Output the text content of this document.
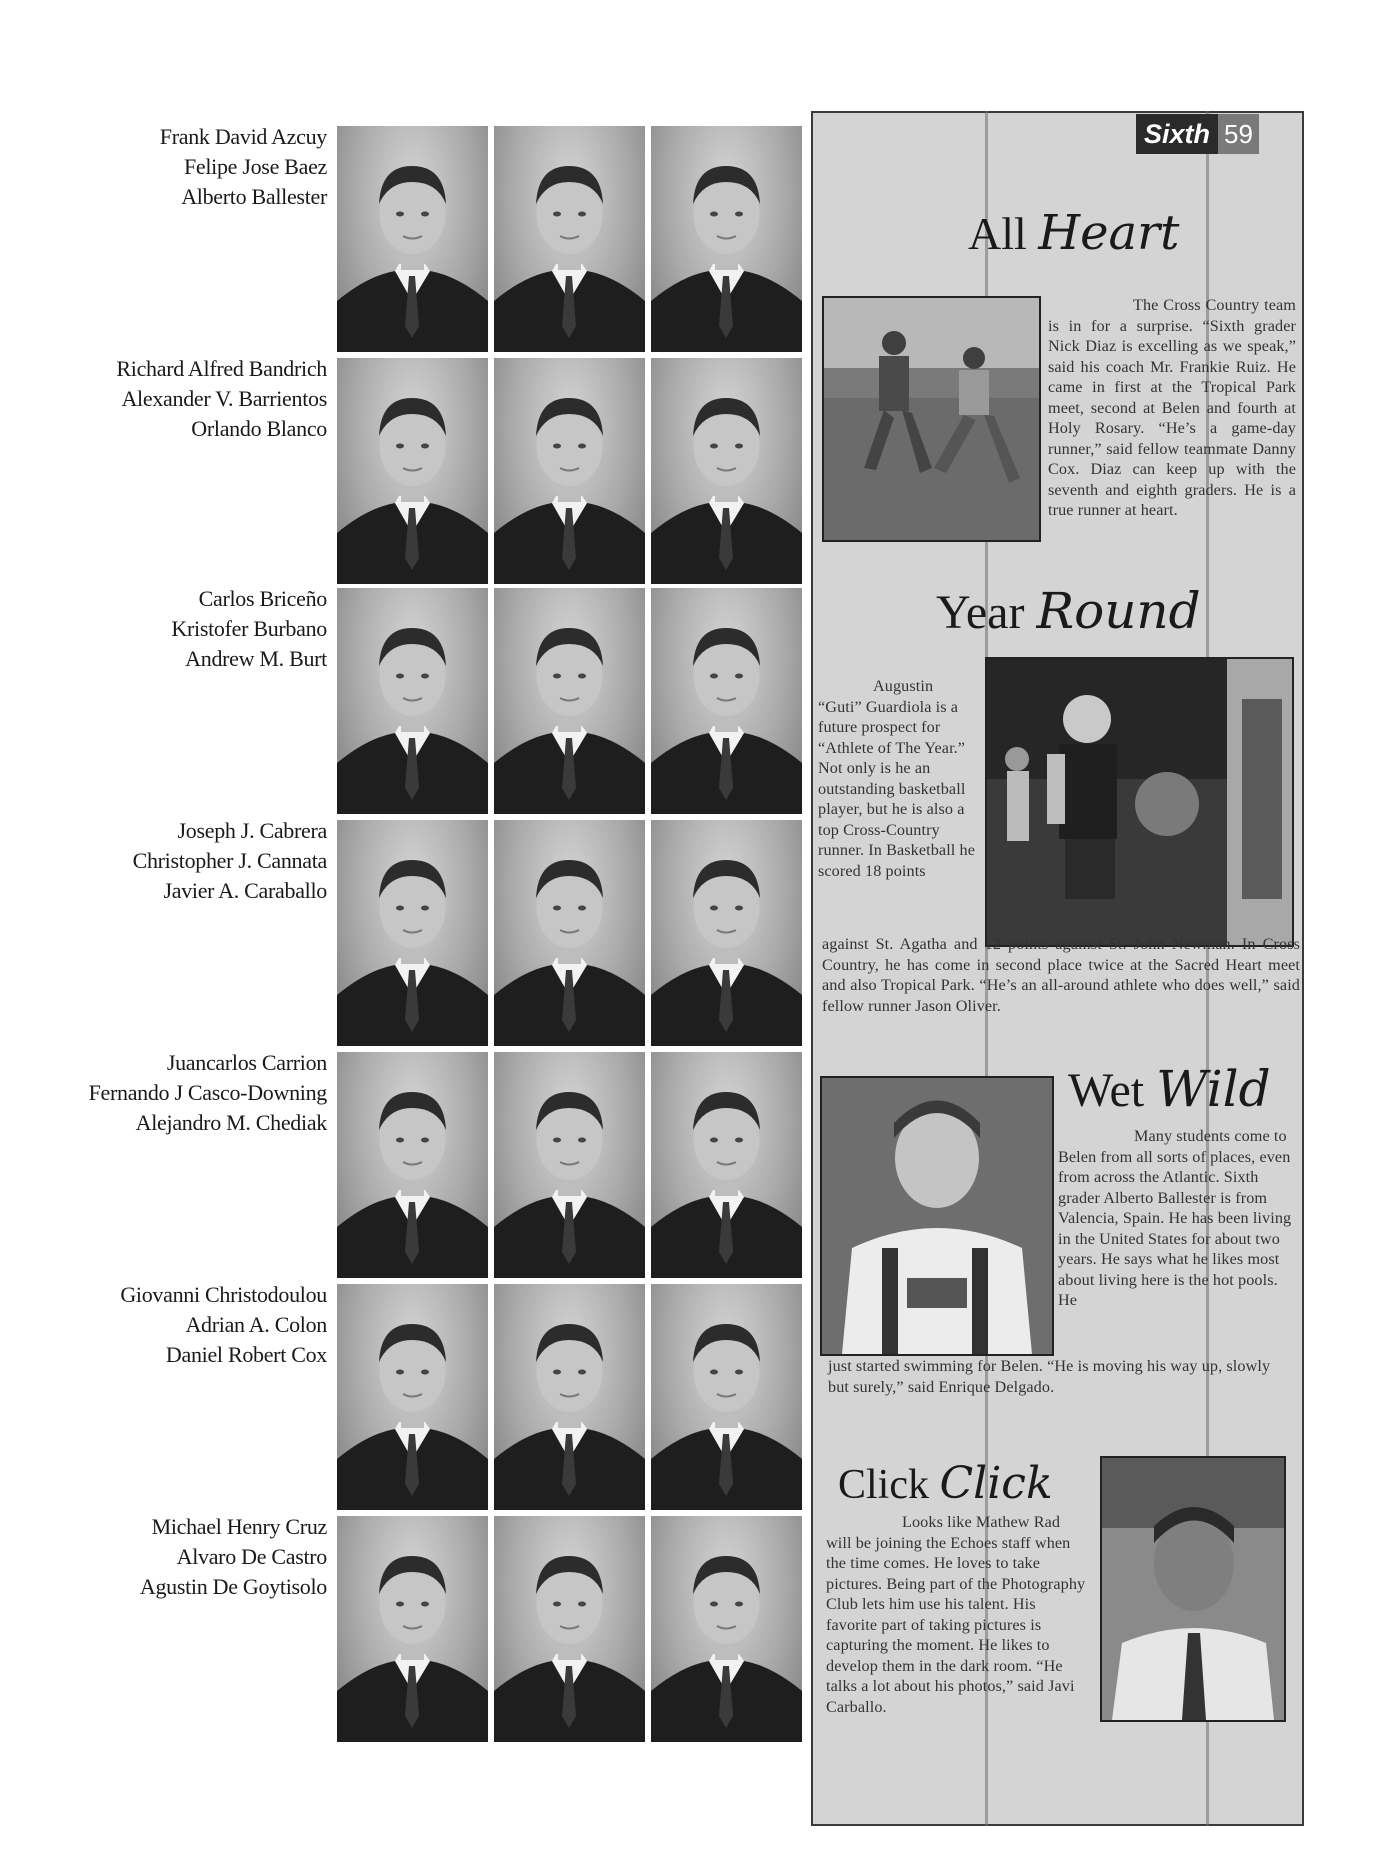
Frank David Azcuy
Felipe Jose Baez
Alberto Ballester
Richard Alfred Bandrich
Alexander V. Barrientos
Orlando Blanco
Carlos Briceño
Kristofer Burbano
Andrew M. Burt
Joseph J. Cabrera
Christopher J. Cannata
Javier A. Caraballo
Juancarlos Carrion
Fernando J Casco-Downing
Alejandro M. Chediak
Giovanni Christodoulou
Adrian A. Colon
Daniel Robert Cox
Michael Henry Cruz
Alvaro De Castro
Agustin De Goytisolo
Sixth 59
All Heart
The Cross Country team is in for a surprise. “Sixth grader Nick Diaz is excelling as we speak,” said his coach Mr. Frankie Ruiz. He came in first at the Tropical Park meet, second at Belen and fourth at Holy Rosary. “He’s a game-day runner,” said fellow teammate Danny Cox. Diaz can keep up with the seventh and eighth graders. He is a true runner at heart.
Year Round
Augustin “Guti” Guardiola is a future prospect for “Athlete of The Year.” Not only is he an outstanding basketball player, but he is also a top Cross-Country runner. In Basketball he scored 18 points
against St. Agatha and 12 points against St. John Newman. In Cross Country, he has come in second place twice at the Sacred Heart meet and also Tropical Park. “He’s an all-around athlete who does well,” said fellow runner Jason Oliver.
Wet Wild
Many students come to Belen from all sorts of places, even from across the Atlantic. Sixth grader Alberto Ballester is from Valencia, Spain. He has been living in the United States for about two years. He says what he likes most about living here is the hot pools. He
just started swimming for Belen. “He is moving his way up, slowly but surely,” said Enrique Delgado.
Click Click
Looks like Mathew Rad will be joining the Echoes staff when the time comes. He loves to take pictures. Being part of the Photography Club lets him use his talent. His favorite part of taking pictures is capturing the moment. He likes to develop them in the dark room. “He talks a lot about his photos,” said Javi Carballo.
